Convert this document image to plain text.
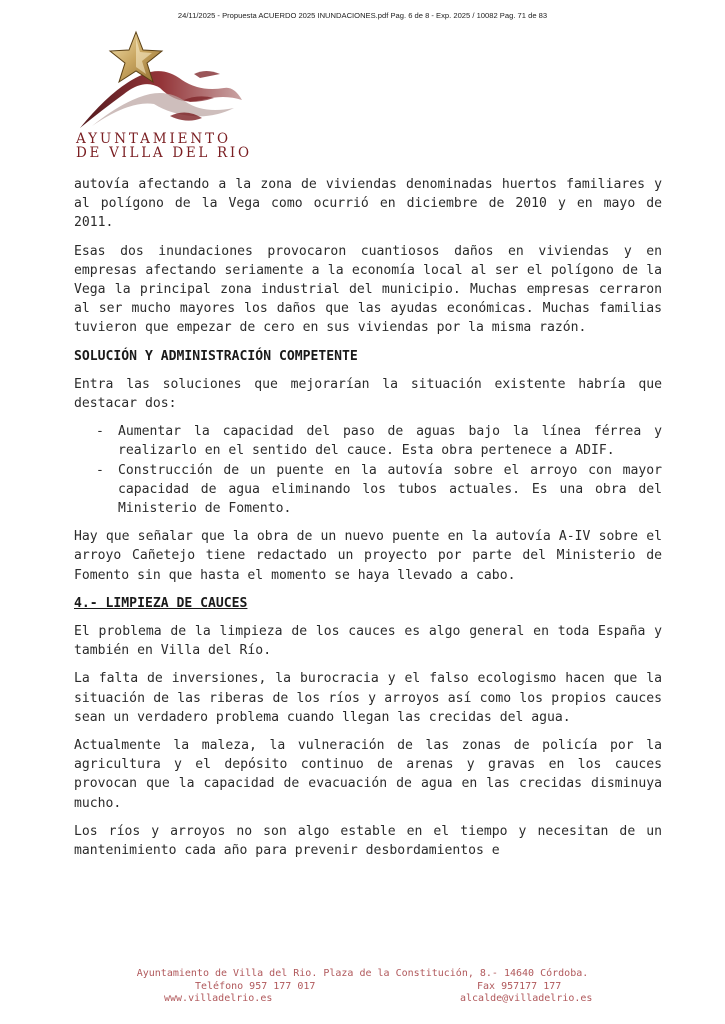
24/11/2025 - Propuesta ACUERDO 2025 INUNDACIONES.pdf Pag. 6 de 8 - Exp. 2025 / 10082 Pag. 71 de 83
AYUNTAMIENTO
DE VILLA DEL RIO

autovía afectando a la zona de viviendas denominadas huertos familiares y al polígono de la Vega como ocurrió en diciembre de 2010 y en mayo de 2011.

Esas dos inundaciones provocaron cuantiosos daños en viviendas y en empresas afectando seriamente a la economía local al ser el polígono de la Vega la principal zona industrial del municipio. Muchas empresas cerraron al ser mucho mayores los daños que las ayudas económicas. Muchas familias tuvieron que empezar de cero en sus viviendas por la misma razón.

SOLUCIÓN Y ADMINISTRACIÓN COMPETENTE

Entra las soluciones que mejorarían la situación existente habría que destacar dos:

- Aumentar la capacidad del paso de aguas bajo la línea férrea y realizarlo en el sentido del cauce. Esta obra pertenece a ADIF.
- Construcción de un puente en la autovía sobre el arroyo con mayor capacidad de agua eliminando los tubos actuales. Es una obra del Ministerio de Fomento.

Hay que señalar que la obra de un nuevo puente en la autovía A-IV sobre el arroyo Cañetejo tiene redactado un proyecto por parte del Ministerio de Fomento sin que hasta el momento se haya llevado a cabo.

4.- LIMPIEZA DE CAUCES

El problema de la limpieza de los cauces es algo general en toda España y también en Villa del Río.

La falta de inversiones, la burocracia y el falso ecologismo hacen que la situación de las riberas de los ríos y arroyos así como los propios cauces sean un verdadero problema cuando llegan las crecidas del agua.

Actualmente la maleza, la vulneración de las zonas de policía por la agricultura y el depósito continuo de arenas y gravas en los cauces provocan que la capacidad de evacuación de agua en las crecidas disminuya mucho.

Los ríos y arroyos no son algo estable en el tiempo y necesitan de un mantenimiento cada año para prevenir desbordamientos e

Ayuntamiento de Villa del Rio. Plaza de la Constitución, 8.- 14640 Córdoba.
Teléfono 957 177 017	Fax 957177 177
www.villadelrio.es	alcalde@villadelrio.es
